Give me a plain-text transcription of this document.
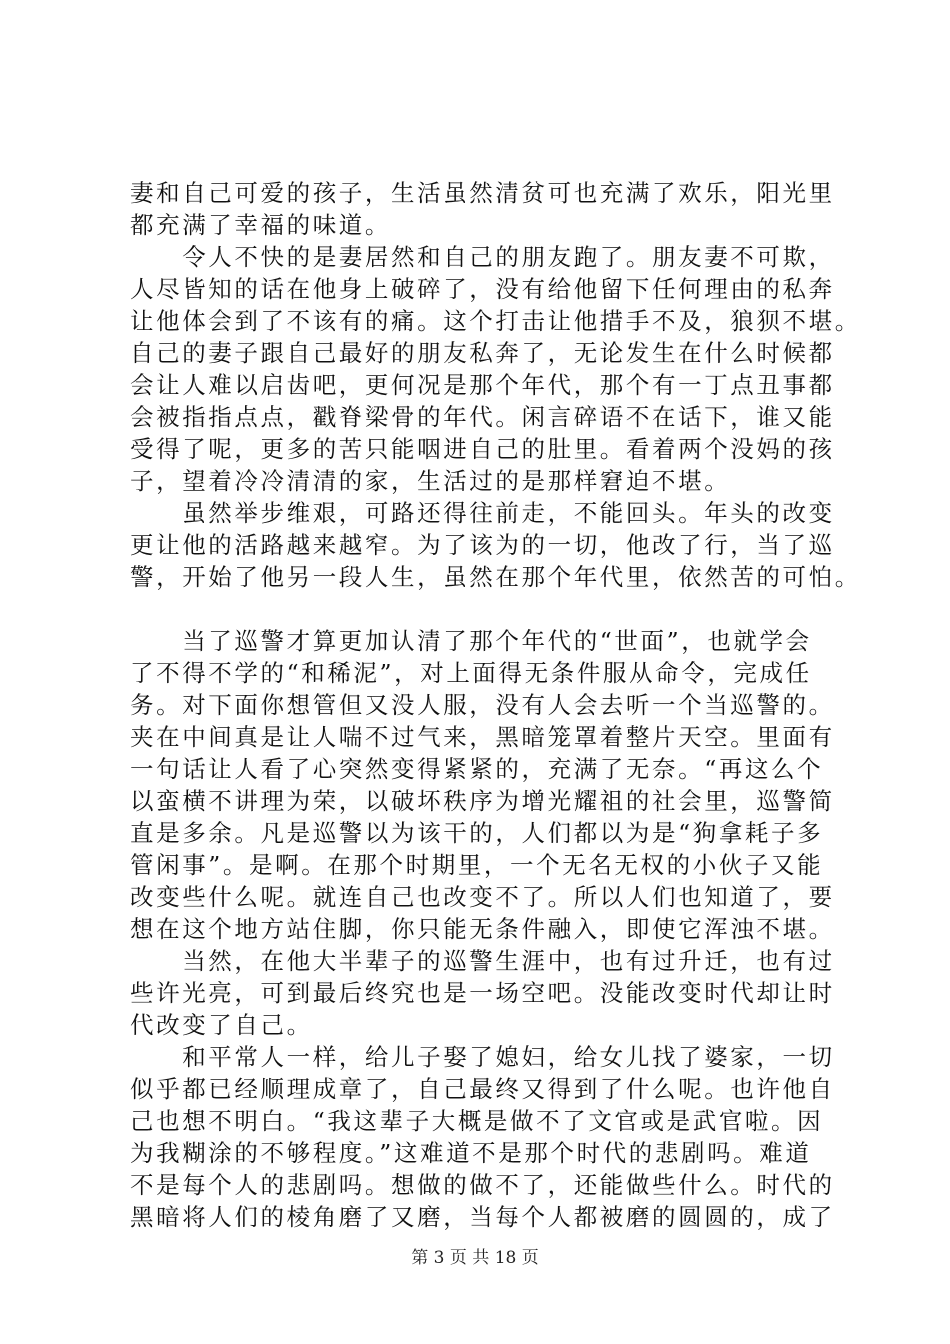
妻和自己可爱的孩子，生活虽然清贫可也充满了欢乐，阳光里
都充满了幸福的味道。
　　令人不快的是妻居然和自己的朋友跑了。朋友妻不可欺，
人尽皆知的话在他身上破碎了，没有给他留下任何理由的私奔
让他体会到了不该有的痛。这个打击让他措手不及，狼狈不堪。
自己的妻子跟自己最好的朋友私奔了，无论发生在什么时候都
会让人难以启齿吧，更何况是那个年代，那个有一丁点丑事都
会被指指点点，戳脊梁骨的年代。闲言碎语不在话下，谁又能
受得了呢，更多的苦只能咽进自己的肚里。看着两个没妈的孩
子，望着冷冷清清的家，生活过的是那样窘迫不堪。
　　虽然举步维艰，可路还得往前走，不能回头。年头的改变
更让他的活路越来越窄。为了该为的一切，他改了行，当了巡
警，开始了他另一段人生，虽然在那个年代里，依然苦的可怕。
　　当了巡警才算更加认清了那个年代的“世面”，也就学会
了不得不学的“和稀泥”，对上面得无条件服从命令，完成任
务。对下面你想管但又没人服，没有人会去听一个当巡警的。
夹在中间真是让人喘不过气来，黑暗笼罩着整片天空。里面有
一句话让人看了心突然变得紧紧的，充满了无奈。“再这么个
以蛮横不讲理为荣，以破坏秩序为增光耀祖的社会里，巡警简
直是多余。凡是巡警以为该干的，人们都以为是“狗拿耗子多
管闲事”。是啊。在那个时期里，一个无名无权的小伙子又能
改变些什么呢。就连自己也改变不了。所以人们也知道了，要
想在这个地方站住脚，你只能无条件融入，即使它浑浊不堪。
　　当然，在他大半辈子的巡警生涯中，也有过升迁，也有过
些许光亮，可到最后终究也是一场空吧。没能改变时代却让时
代改变了自己。
　　和平常人一样，给儿子娶了媳妇，给女儿找了婆家，一切
似乎都已经顺理成章了，自己最终又得到了什么呢。也许他自
己也想不明白。“我这辈子大概是做不了文官或是武官啦。因
为我糊涂的不够程度。”这难道不是那个时代的悲剧吗。难道
不是每个人的悲剧吗。想做的做不了，还能做些什么。时代的
黑暗将人们的棱角磨了又磨，当每个人都被磨的圆圆的，成了
第 3 页 共 18 页
